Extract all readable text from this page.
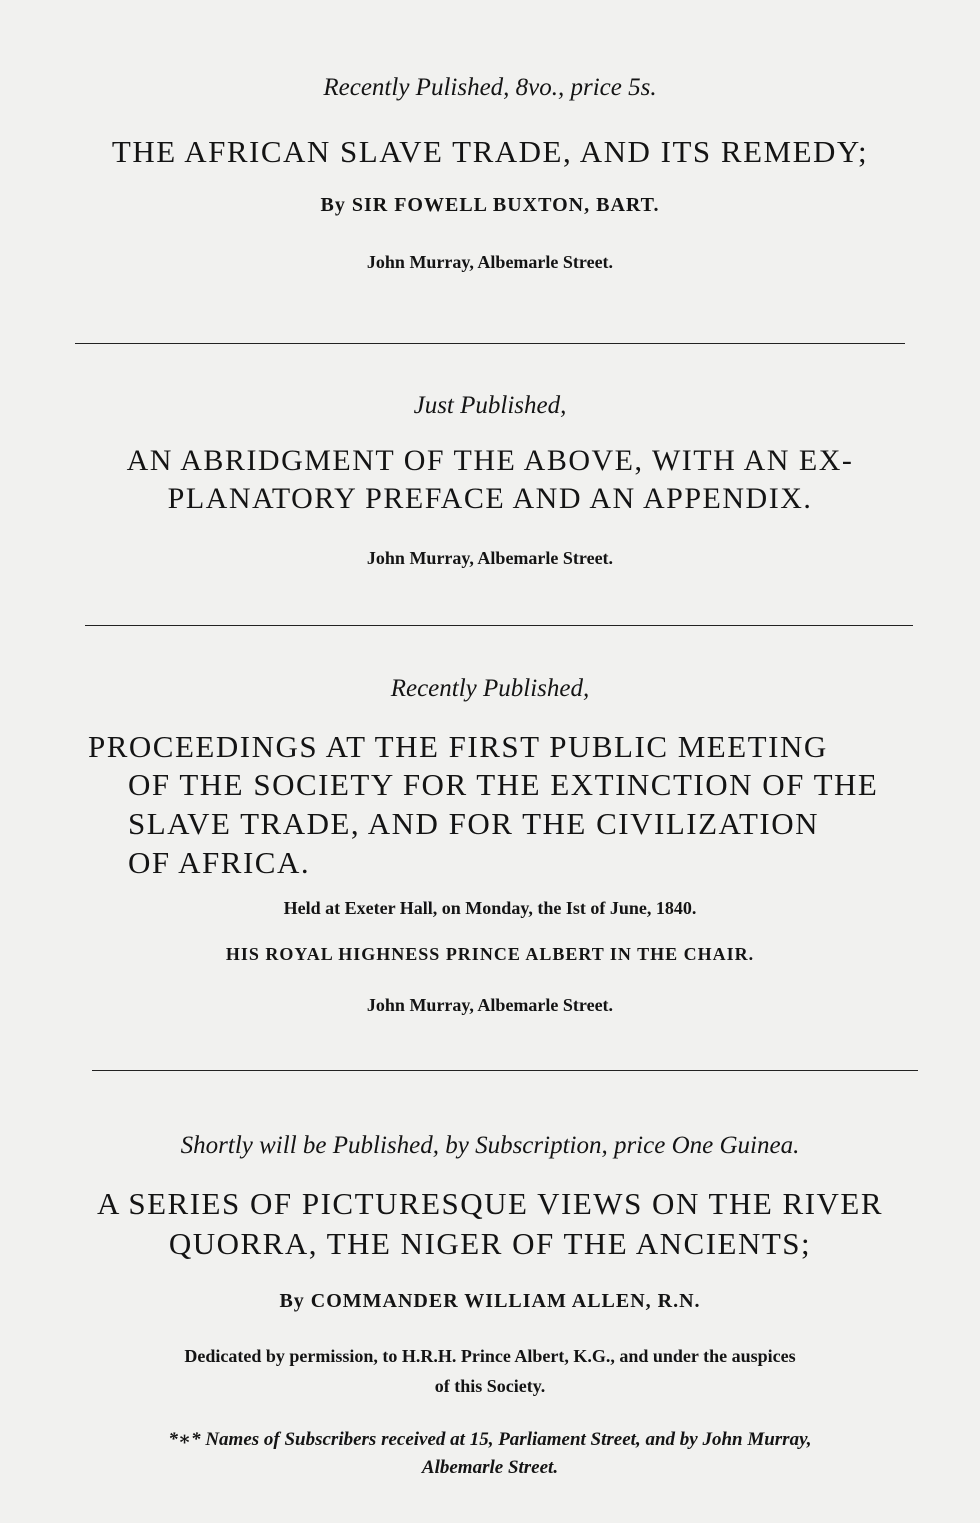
Recently Pulished, 8vo., price 5s.
THE AFRICAN SLAVE TRADE, AND ITS REMEDY;
By SIR FOWELL BUXTON, BART.
John Murray, Albemarle Street.
Just Published,
AN ABRIDGMENT OF THE ABOVE, WITH AN EX-
PLANATORY PREFACE AND AN APPENDIX.
John Murray, Albemarle Street.
Recently Published,
PROCEEDINGS AT THE FIRST PUBLIC MEETING
OF THE SOCIETY FOR THE EXTINCTION OF THE
SLAVE TRADE, AND FOR THE CIVILIZATION
OF AFRICA.
Held at Exeter Hall, on Monday, the Ist of June, 1840.
HIS ROYAL HIGHNESS PRINCE ALBERT IN THE CHAIR.
John Murray, Albemarle Street.
Shortly will be Published, by Subscription, price One Guinea.
A SERIES OF PICTURESQUE VIEWS ON THE RIVER
QUORRA, THE NIGER OF THE ANCIENTS;
By COMMANDER WILLIAM ALLEN, R.N.
Dedicated by permission, to H.R.H. Prince Albert, K.G., and under the auspices
of this Society.
*∗* Names of Subscribers received at 15, Parliament Street, and by John Murray,
Albemarle Street.
